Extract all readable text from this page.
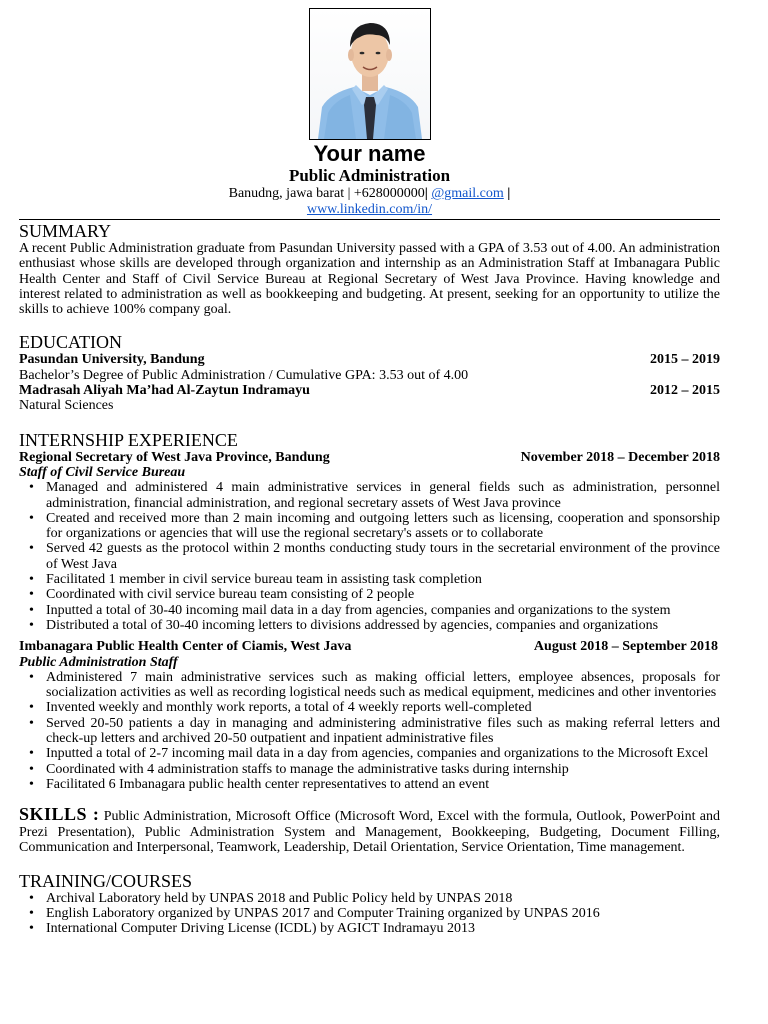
Your name
Public Administration
Banudng, jawa barat | +628000000| @gmail.com |
www.linkedin.com/in/
SUMMARY

A recent Public Administration graduate from Pasundan University passed with a GPA of 3.53 out of 4.00. An administration enthusiast whose skills are developed through organization and internship as an Administration Staff at Imbanagara Public Health Center and Staff of Civil Service Bureau at Regional Secretary of West Java Province. Having knowledge and interest related to administration as well as bookkeeping and budgeting. At present, seeking for an opportunity to utilize the skills to achieve 100% company goal.

EDUCATION
Pasundan University, Bandung	2015 – 2019
Bachelor’s Degree of Public Administration / Cumulative GPA: 3.53 out of 4.00
Madrasah Aliyah Ma’had Al-Zaytun Indramayu	2012 – 2015
Natural Sciences
INTERNSHIP EXPERIENCE
Regional Secretary of West Java Province, Bandung	November 2018 – December 2018
Staff of Civil Service Bureau
• Managed and administered 4 main administrative services in general fields such as administration, personnel administration, financial administration, and regional secretary assets of West Java province
• Created and received more than 2 main incoming and outgoing letters such as licensing, cooperation and sponsorship for organizations or agencies that will use the regional secretary's assets or to collaborate
• Served 42 guests as the protocol within 2 months conducting study tours in the secretarial environment of the province of West Java
• Facilitated 1 member in civil service bureau team in assisting task completion
• Coordinated with civil service bureau team consisting of 2 people
• Inputted a total of 30-40 incoming mail data in a day from agencies, companies and organizations to the system
• Distributed a total of 30-40 incoming letters to divisions addressed by agencies, companies and organizations
Imbanagara Public Health Center of Ciamis, West Java	August 2018 – September 2018
Public Administration Staff
• Administered 7 main administrative services such as making official letters, employee absences, proposals for socialization activities as well as recording logistical needs such as medical equipment, medicines and other inventories
• Invented weekly and monthly work reports, a total of 4 weekly reports well-completed
• Served 20-50 patients a day in managing and administering administrative files such as making referral letters and check-up letters and archived 20-50 outpatient and inpatient administrative files
• Inputted a total of 2-7 incoming mail data in a day from agencies, companies and organizations to the Microsoft Excel
• Coordinated with 4 administration staffs to manage the administrative tasks during internship
• Facilitated 6 Imbanagara public health center representatives to attend an event
SKILLS : Public Administration, Microsoft Office (Microsoft Word, Excel with the formula, Outlook, PowerPoint and Prezi Presentation), Public Administration System and Management, Bookkeeping, Budgeting, Document Filling, Communication and Interpersonal, Teamwork, Leadership, Detail Orientation, Service Orientation, Time management.
TRAINING/COURSES
• Archival Laboratory held by UNPAS 2018 and Public Policy held by UNPAS 2018
• English Laboratory organized by UNPAS 2017 and Computer Training organized by UNPAS 2016
• International Computer Driving License (ICDL) by AGICT Indramayu 2013
